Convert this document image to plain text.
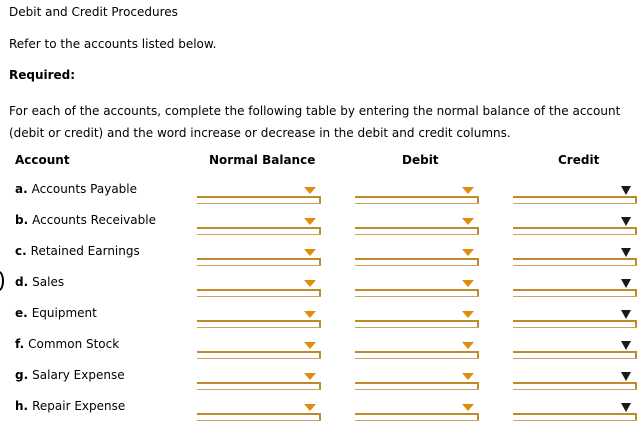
Debit and Credit Procedures
Refer to the accounts listed below.
Required:
For each of the accounts, complete the following table by entering the normal balance of the account (debit or credit) and the word increase or decrease in the debit and credit columns.
Account	Normal Balance	Debit	Credit
a. Accounts Payable
b. Accounts Receivable
c. Retained Earnings
d. Sales
e. Equipment
f. Common Stock
g. Salary Expense
h. Repair Expense
